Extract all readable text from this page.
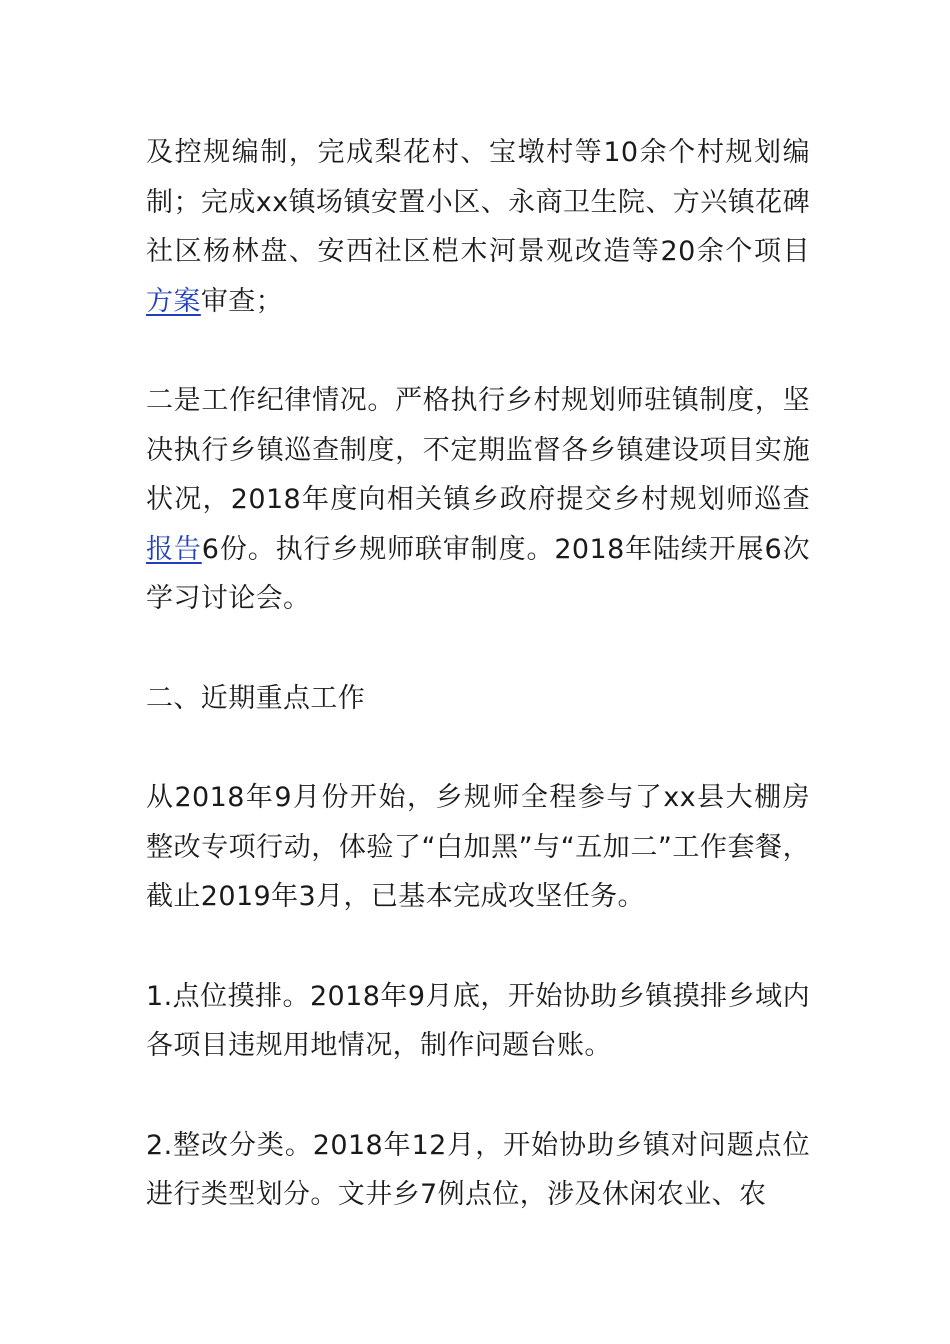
及控规编制，完成梨花村、宝墩村等10余个村规划编制；完成xx镇场镇安置小区、永商卫生院、方兴镇花碑社区杨林盘、安西社区桤木河景观改造等20余个项目方案审查；

二是工作纪律情况。严格执行乡村规划师驻镇制度，坚决执行乡镇巡查制度，不定期监督各乡镇建设项目实施状况，2018年度向相关镇乡政府提交乡村规划师巡查报告6份。执行乡规师联审制度。2018年陆续开展6次学习讨论会。

二、近期重点工作

从2018年9月份开始，乡规师全程参与了xx县大棚房整改专项行动，体验了“白加黑”与“五加二”工作套餐，截止2019年3月，已基本完成攻坚任务。

1.点位摸排。2018年9月底，开始协助乡镇摸排乡域内各项目违规用地情况，制作问题台账。

2.整改分类。2018年12月，开始协助乡镇对问题点位进行类型划分。文井乡7例点位，涉及休闲农业、农
